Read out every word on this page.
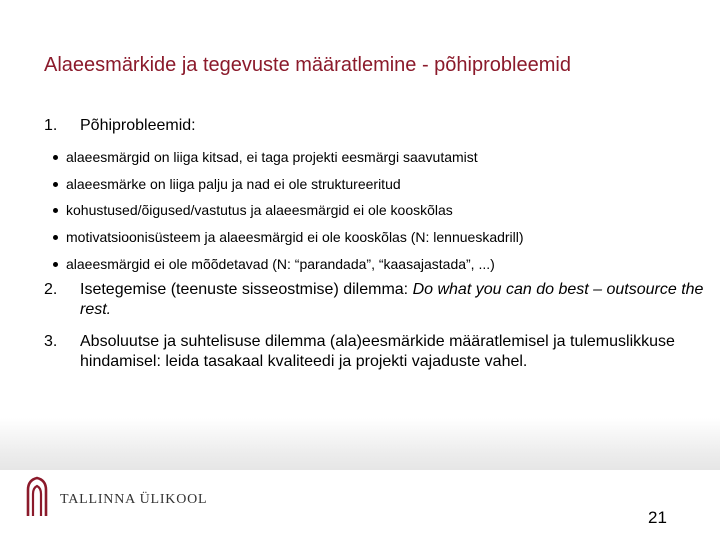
Alaeesmärkide ja tegevuste määratlemine - põhiprobleemid
1. Põhiprobleemid:
alaeesmärgid on liiga kitsad, ei taga projekti eesmärgi saavutamist
alaeesmärke on liiga palju ja nad ei ole struktureeritud
kohustused/õigused/vastutus ja alaeesmärgid ei ole kooskõlas
motivatsioonisüsteem ja alaeesmärgid ei ole kooskõlas (N: lennueskadrill)
alaeesmärgid ei ole mõõdetavad (N: “parandada”, “kaasajastada”, ...)
2. Isetegemise (teenuste sisseostmise) dilemma: Do what you can do best – outsource the rest.
3. Absoluutse ja suhtelisuse dilemma (ala)eesmärkide määratlemisel ja tulemuslikkuse hindamisel: leida tasakaal kvaliteedi ja projekti vajaduste vahel.
TALLINNA ÜLIKOOL
21
